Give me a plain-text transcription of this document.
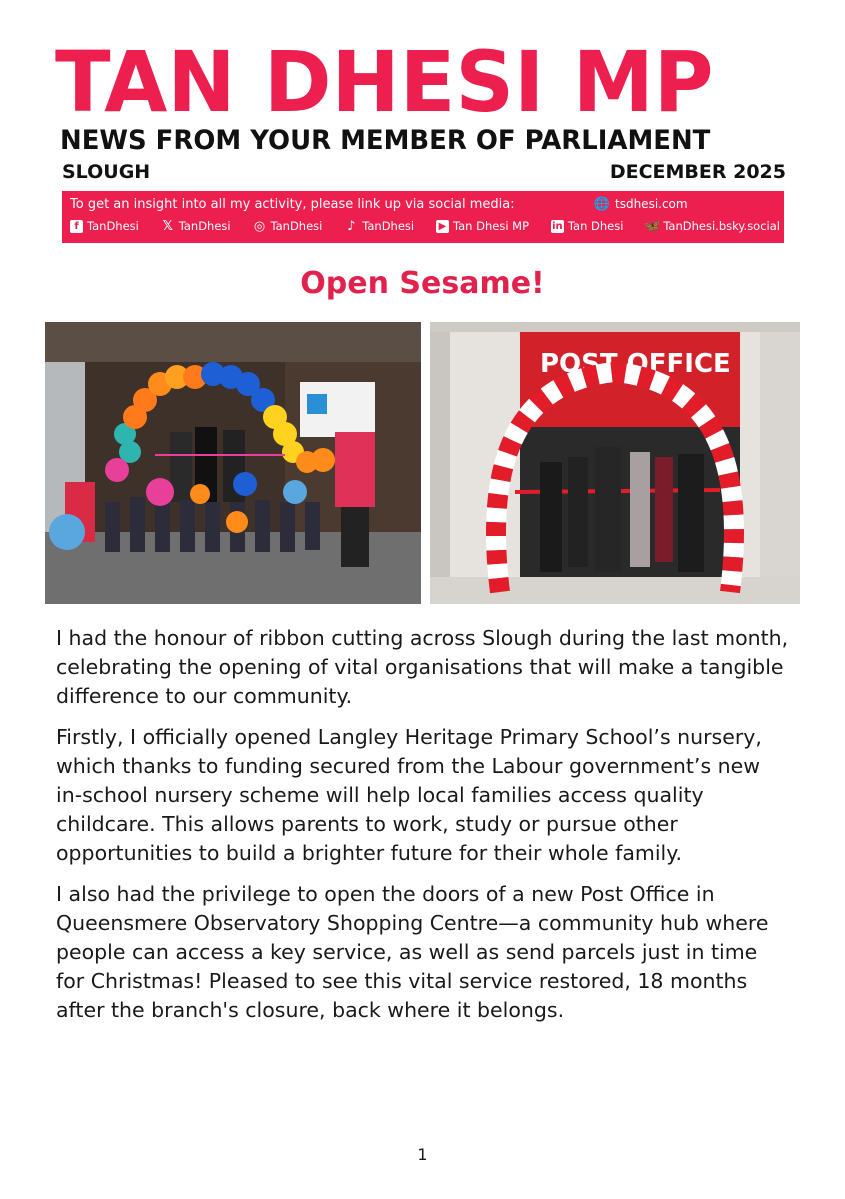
TAN DHESI MP
NEWS FROM YOUR MEMBER OF PARLIAMENT
SLOUGH	DECEMBER 2025
To get an insight into all my activity, please link up via social media:	🌐 tsdhesi.com
f TanDhesi 𝕏 TanDhesi ◎ TanDhesi ♪ TanDhesi ▶ Tan Dhesi MP in Tan Dhesi 🦋 TanDhesi.bsky.social
Open Sesame!
POST OFFICE

I had the honour of ribbon cutting across Slough during the last month, celebrating the opening of vital organisations that will make a tangible difference to our community.

Firstly, I officially opened Langley Heritage Primary School’s nursery, which thanks to funding secured from the Labour government’s new in-school nursery scheme will help local families access quality childcare. This allows parents to work, study or pursue other opportunities to build a brighter future for their whole family.

I also had the privilege to open the doors of a new Post Office in Queensmere Observatory Shopping Centre—a community hub where people can access a key service, as well as send parcels just in time for Christmas! Pleased to see this vital service restored, 18 months after the branch's closure, back where it belongs.

1
